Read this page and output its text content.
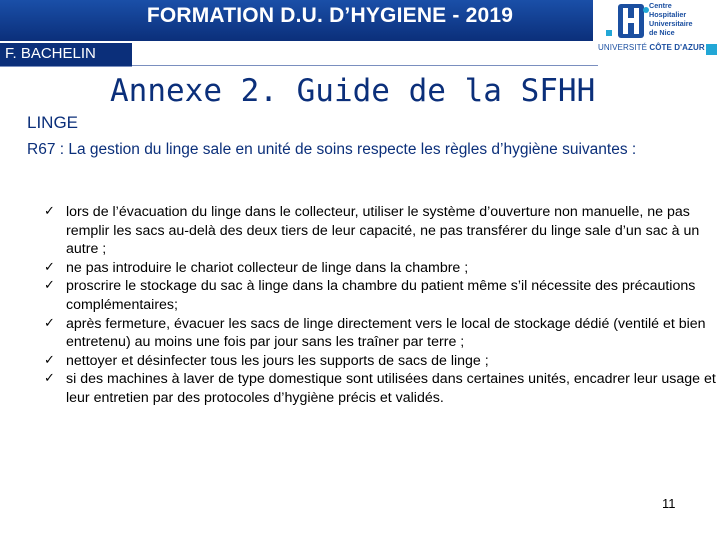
FORMATION D.U. D’HYGIENE - 2019
F. BACHELIN
Centre
Hospitalier
Universitaire
de Nice
UNIVERSITÉ CÔTE D'AZUR
Annexe 2. Guide de la SFHH
LINGE
R67 : La gestion du linge sale en unité de soins respecte les règles d’hygiène suivantes :
✓ lors de l’évacuation du linge dans le collecteur, utiliser le système d’ouverture non manuelle, ne pas remplir les sacs au-delà des deux tiers de leur capacité, ne pas transférer du linge sale d’un sac à un autre ;
✓ ne pas introduire le chariot collecteur de linge dans la chambre ;
✓ proscrire le stockage du sac à linge dans la chambre du patient même s’il nécessite des précautions complémentaires;
✓ après fermeture, évacuer les sacs de linge directement vers le local de stockage dédié (ventilé et bien entretenu) au moins une fois par jour sans les traîner par terre ;
✓ nettoyer et désinfecter tous les jours les supports de sacs de linge ;
✓ si des machines à laver de type domestique sont utilisées dans certaines unités, encadrer leur usage et leur entretien par des protocoles d’hygiène précis et validés.
11
